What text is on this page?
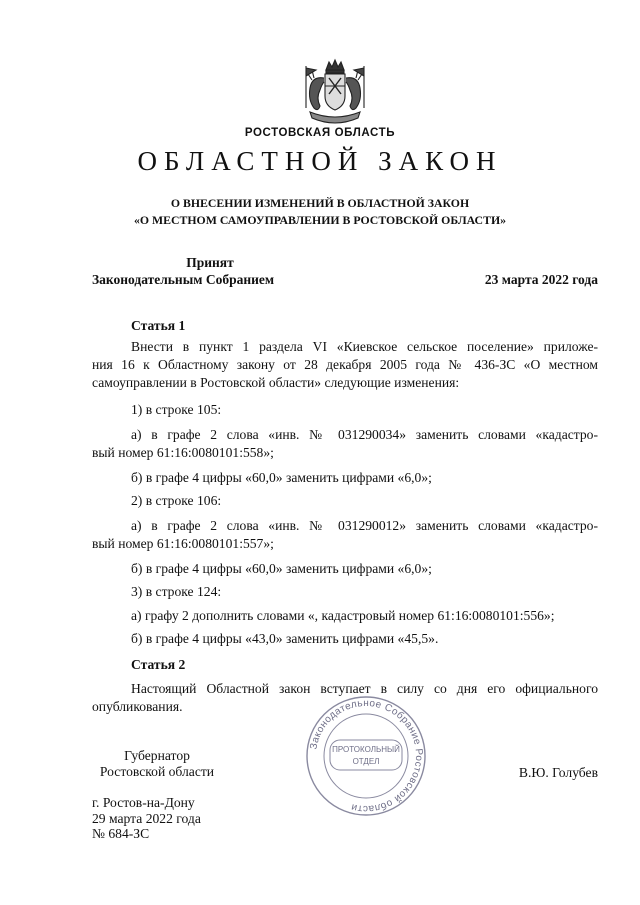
РОСТОВСКАЯ ОБЛАСТЬ
ОБЛАСТНОЙ ЗАКОН
О ВНЕСЕНИИ ИЗМЕНЕНИЙ В ОБЛАСТНОЙ ЗАКОН
«О МЕСТНОМ САМОУПРАВЛЕНИИ В РОСТОВСКОЙ ОБЛАСТИ»
Принят
Законодательным Собранием	23 марта 2022 года
Статья 1
Внести в пункт 1 раздела VI «Киевское сельское поселение» приложе-
ния 16 к Областному закону от 28 декабря 2005 года № 436-ЗС «О местном
самоуправлении в Ростовской области» следующие изменения:
1) в строке 105:
а) в графе 2 слова «инв. № 031290034» заменить словами «кадастро-
вый номер 61:16:0080101:558»;
б) в графе 4 цифры «60,0» заменить цифрами «6,0»;
2) в строке 106:
а) в графе 2 слова «инв. № 031290012» заменить словами «кадастро-
вый номер 61:16:0080101:557»;
б) в графе 4 цифры «60,0» заменить цифрами «6,0»;
3) в строке 124:
а) графу 2 дополнить словами «, кадастровый номер 61:16:0080101:556»;
б) в графе 4 цифры «43,0» заменить цифрами «45,5».
Статья 2
Настоящий Областной закон вступает в силу со дня его официального
опубликования.
Законодательное Собрание Ростовской области
ПРОТОКОЛЬНЫЙ
ОТДЕЛ
Губернатор
Ростовской области	В.Ю. Голубев
г. Ростов-на-Дону
29 марта 2022 года
№ 684-ЗС
